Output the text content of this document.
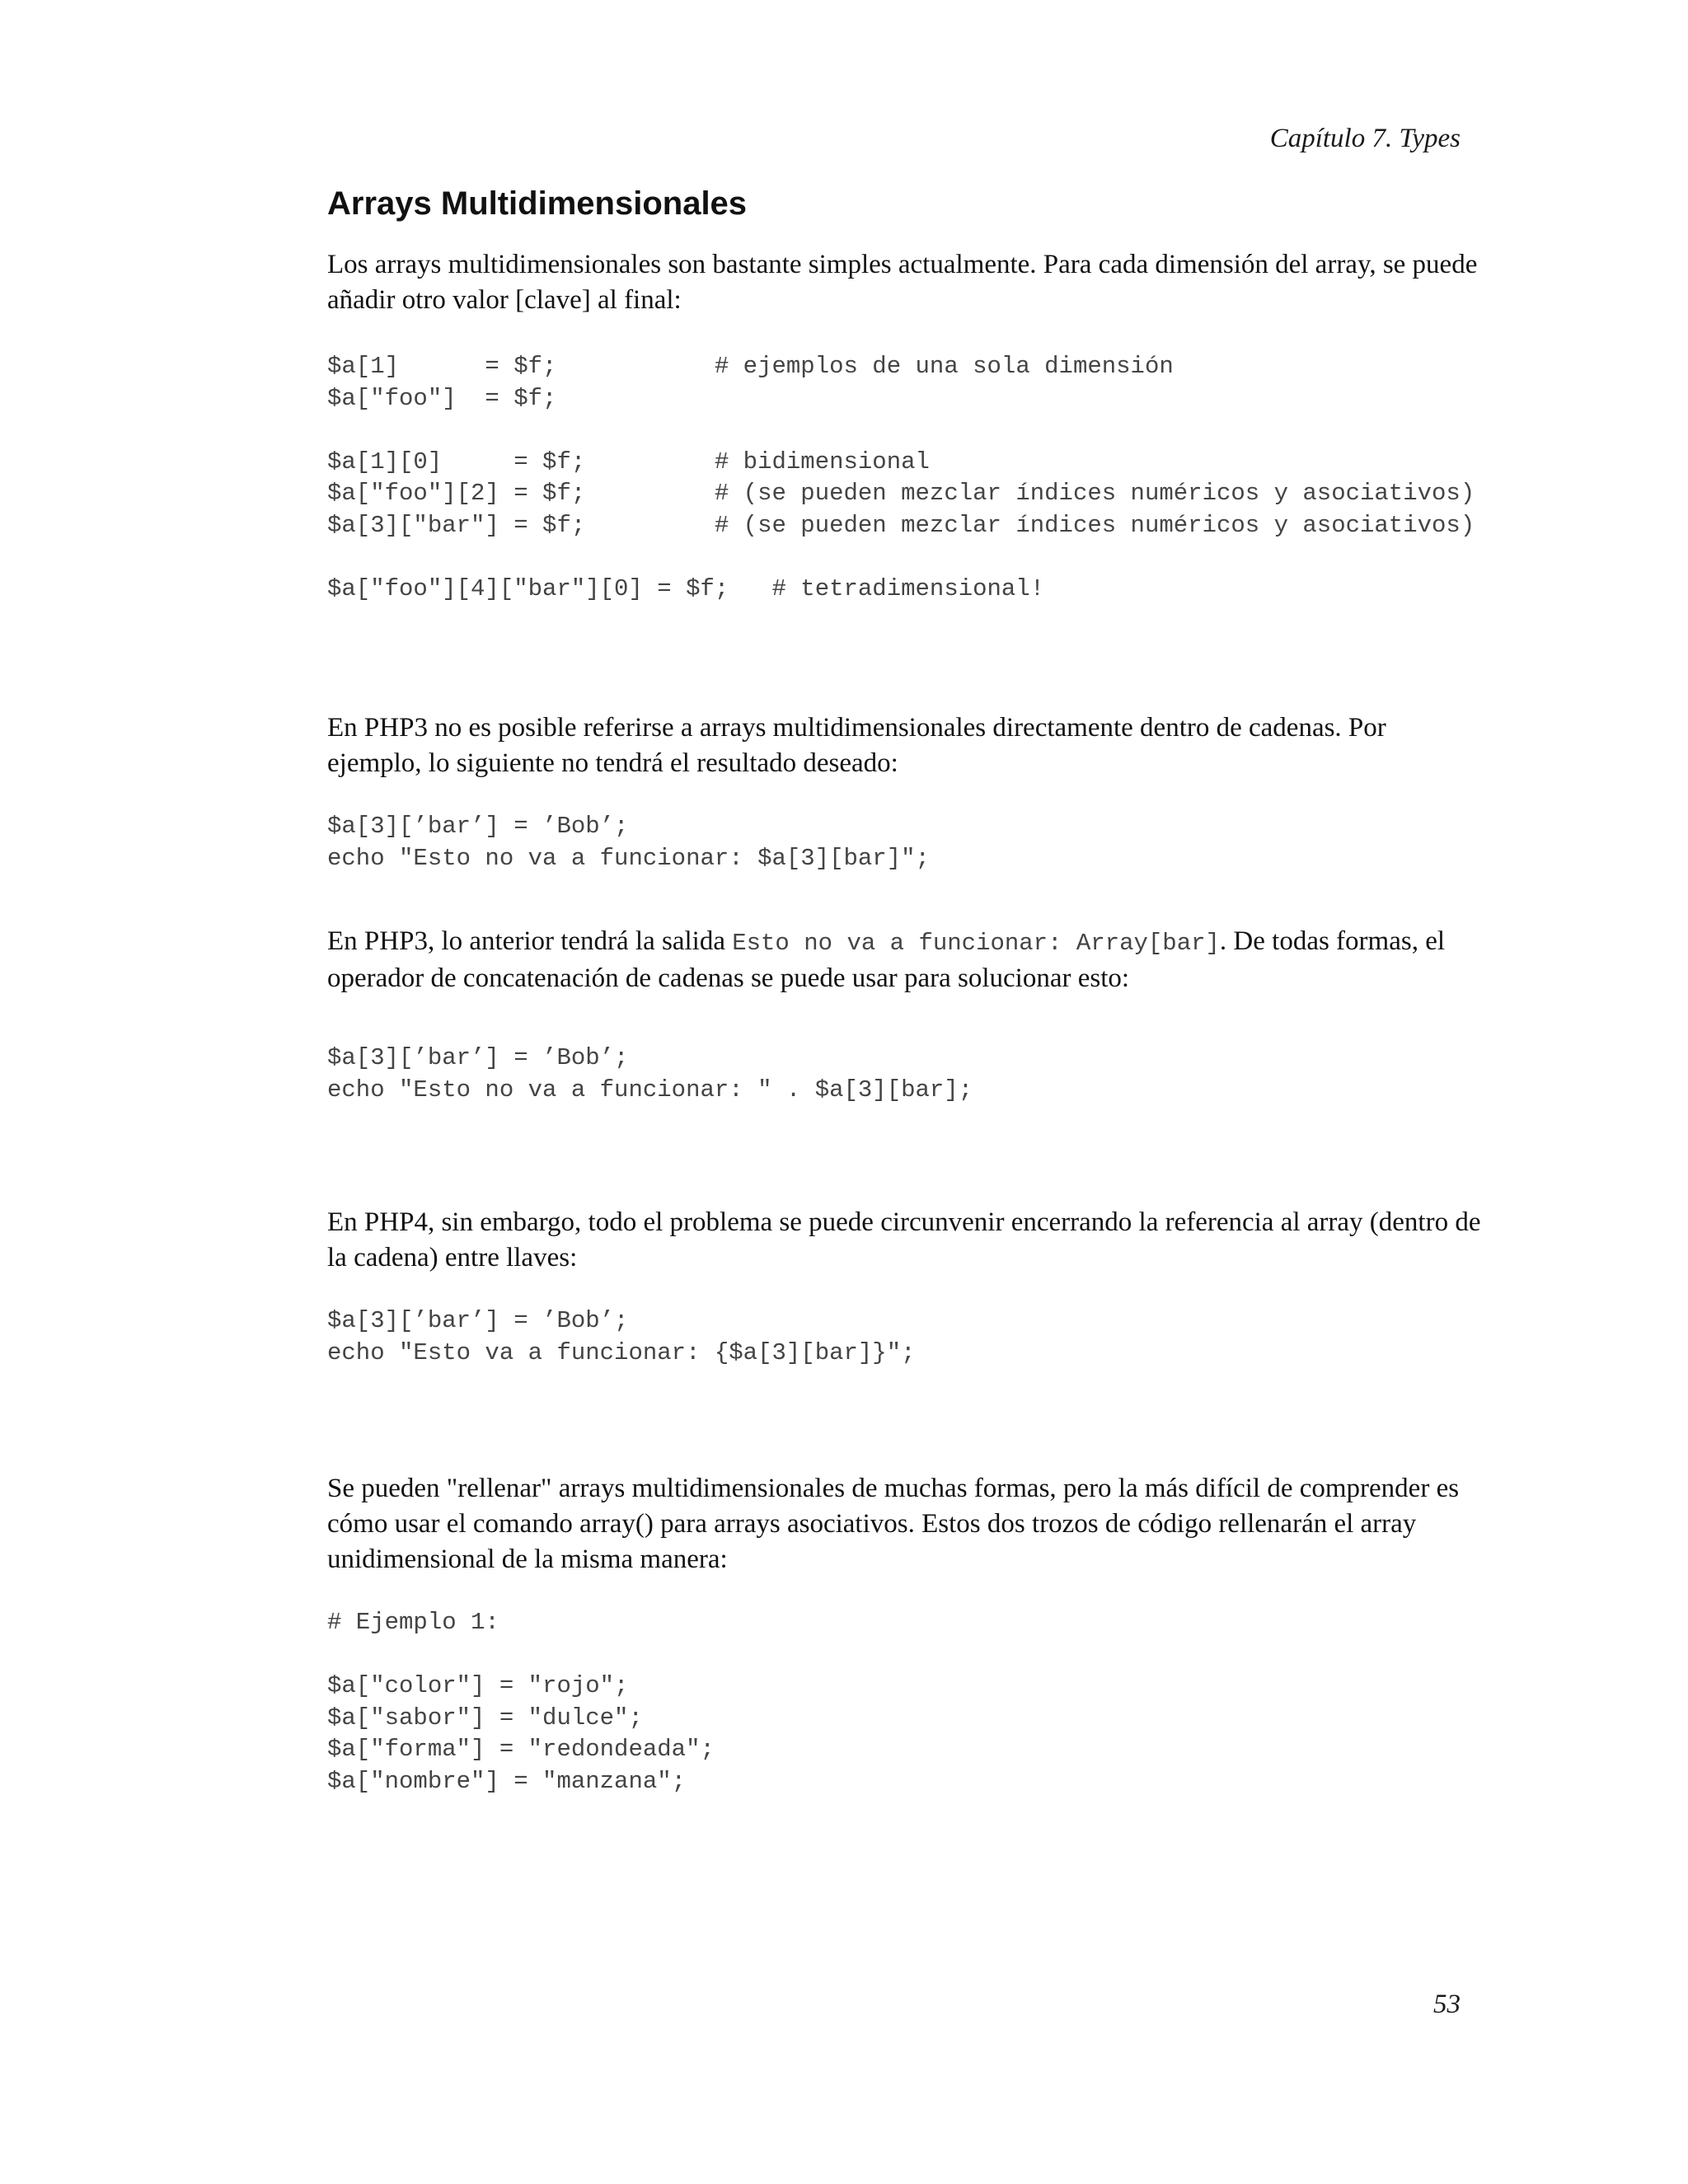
Capítulo 7. Types
Arrays Multidimensionales

Los arrays multidimensionales son bastante simples actualmente. Para cada dimensión del array, se puede añadir otro valor [clave] al final:

$a[1]      = $f;           # ejemplos de una sola dimensión
$a["foo"]  = $f;

$a[1][0]     = $f;         # bidimensional
$a["foo"][2] = $f;         # (se pueden mezclar índices numéricos y asociativos)
$a[3]["bar"] = $f;         # (se pueden mezclar índices numéricos y asociativos)

$a["foo"][4]["bar"][0] = $f;   # tetradimensional!

En PHP3 no es posible referirse a arrays multidimensionales directamente dentro de cadenas. Por ejemplo, lo siguiente no tendrá el resultado deseado:

$a[3][’bar’] = ’Bob’;
echo "Esto no va a funcionar: $a[3][bar]";

En PHP3, lo anterior tendrá la salida Esto no va a funcionar: Array[bar]. De todas formas, el operador de concatenación de cadenas se puede usar para solucionar esto:

$a[3][’bar’] = ’Bob’;
echo "Esto no va a funcionar: " . $a[3][bar];

En PHP4, sin embargo, todo el problema se puede circunvenir encerrando la referencia al array (dentro de la cadena) entre llaves:

$a[3][’bar’] = ’Bob’;
echo "Esto va a funcionar: {$a[3][bar]}";

Se pueden "rellenar" arrays multidimensionales de muchas formas, pero la más difícil de comprender es cómo usar el comando array() para arrays asociativos. Estos dos trozos de código rellenarán el array unidimensional de la misma manera:

# Ejemplo 1:

$a["color"] = "rojo";
$a["sabor"] = "dulce";
$a["forma"] = "redondeada";
$a["nombre"] = "manzana";
53
